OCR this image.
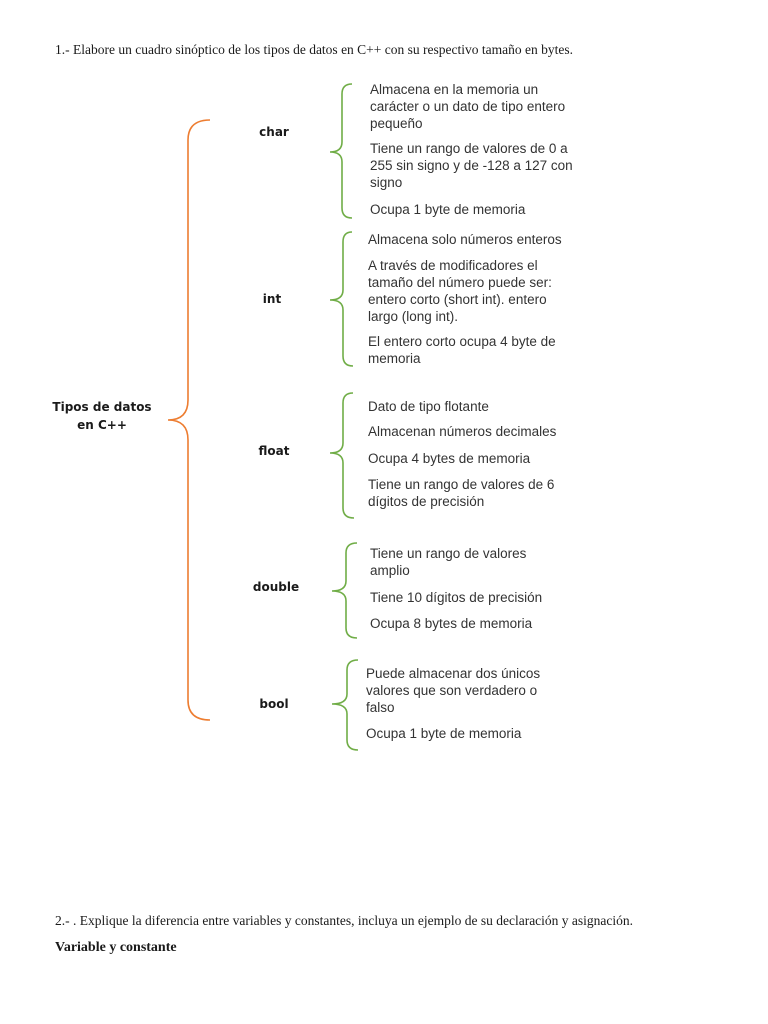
1.- Elabore un cuadro sinóptico de los tipos de datos en C++ con su respectivo tamaño en bytes.
Tipos de datos
en C++
char
int
float
double
bool
Almacena en la memoria un carácter o un dato de tipo entero pequeño
Tiene un rango de valores de 0 a 255 sin signo y de -128 a 127 con signo
Ocupa 1 byte de memoria
Almacena solo números enteros
A través de modificadores el tamaño del número puede ser: entero corto (short int). entero largo (long int).
El entero corto ocupa 4 byte de memoria
Dato de tipo flotante
Almacenan números decimales
Ocupa 4 bytes de memoria
Tiene un rango de valores de 6 dígitos de precisión
Tiene un rango de valores amplio
Tiene 10 dígitos de precisión
Ocupa 8 bytes de memoria
Puede almacenar dos únicos valores que son verdadero o falso
Ocupa 1 byte de memoria
2.- . Explique la diferencia entre variables y constantes, incluya un ejemplo de su declaración y asignación.
Variable y constante
